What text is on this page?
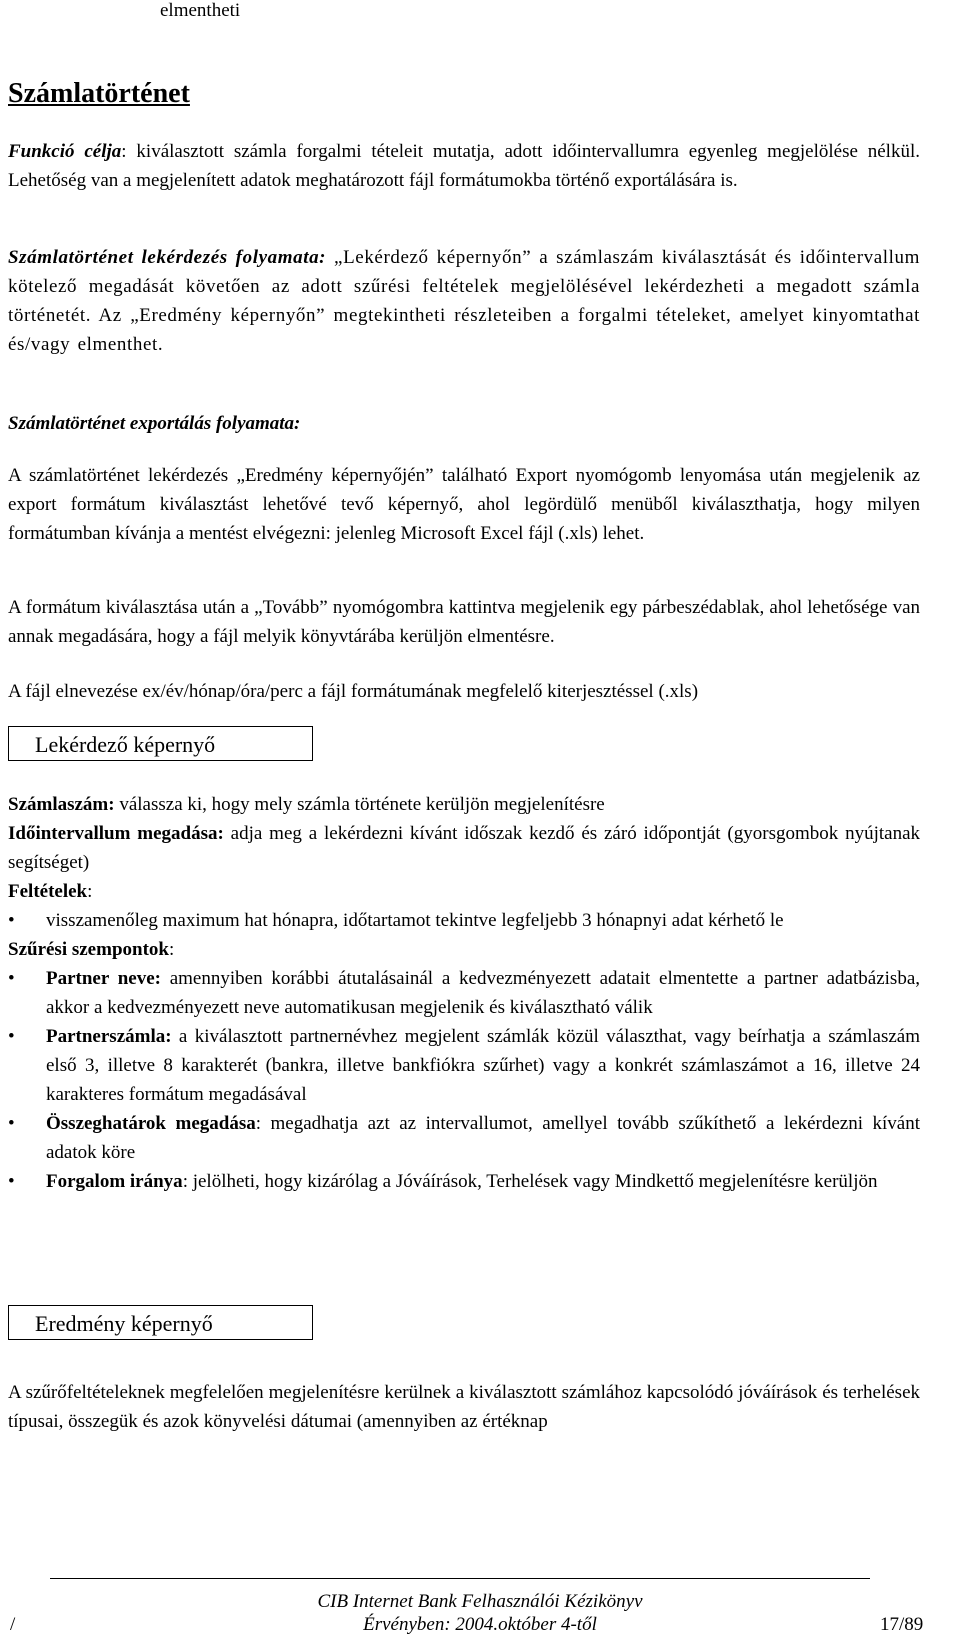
elmentheti

Számlatörténet

Funkció célja: kiválasztott számla forgalmi tételeit mutatja, adott időintervallumra egyenleg megjelölése nélkül. Lehetőség van a megjelenített adatok meghatározott fájl formátumokba történő exportálására is.

Számlatörténet lekérdezés folyamata: „Lekérdező képernyőn” a számlaszám kiválasztását és időintervallum kötelező megadását követően az adott szűrési feltételek megjelölésével lekérdezheti a megadott számla történetét. Az „Eredmény képernyőn” megtekintheti részleteiben a forgalmi tételeket, amelyet kinyomtathat és/vagy elmenthet.

Számlatörténet exportálás folyamata:

A számlatörténet lekérdezés „Eredmény képernyőjén” található Export nyomógomb lenyomása után megjelenik az export formátum kiválasztást lehetővé tevő képernyő, ahol legördülő menüből kiválaszthatja, hogy milyen formátumban kívánja a mentést elvégezni: jelenleg Microsoft Excel fájl (.xls) lehet.

A formátum kiválasztása után a „Tovább” nyomógombra kattintva megjelenik egy párbeszédablak, ahol lehetősége van annak megadására, hogy a fájl melyik könyvtárába kerüljön elmentésre.

A fájl elnevezése ex/év/hónap/óra/perc a fájl formátumának megfelelő kiterjesztéssel (.xls)

Lekérdező képernyő

Számlaszám: válassza ki, hogy mely számla története kerüljön megjelenítésre

Időintervallum megadása: adja meg a lekérdezni kívánt időszak kezdő és záró időpontját (gyorsgombok nyújtanak segítséget)

Feltételek:

• visszamenőleg maximum hat hónapra, időtartamot tekintve legfeljebb 3 hónapnyi adat kérhető le

Szűrési szempontok:

• Partner neve: amennyiben korábbi átutalásainál a kedvezményezett adatait elmentette a partner adatbázisba, akkor a kedvezményezett neve automatikusan megjelenik és kiválasztható válik

• Partnerszámla: a kiválasztott partnernévhez megjelent számlák közül választhat, vagy beírhatja a számlaszám első 3, illetve 8 karakterét (bankra, illetve bankfiókra szűrhet) vagy a konkrét számlaszámot a 16, illetve 24 karakteres formátum megadásával

• Összeghatárok megadása: megadhatja azt az intervallumot, amellyel tovább szűkíthető a lekérdezni kívánt adatok köre

• Forgalom iránya: jelölheti, hogy kizárólag a Jóváírások, Terhelések vagy Mindkettő megjelenítésre kerüljön

Eredmény képernyő

A szűrőfeltételeknek megfelelően megjelenítésre kerülnek a kiválasztott számlához kapcsolódó jóváírások és terhelések típusai, összegük és azok könyvelési dátumai (amennyiben az értéknap

CIB Internet Bank Felhasználói Kézikönyv

Érvényben: 2004.október 4-től

/	17/89
